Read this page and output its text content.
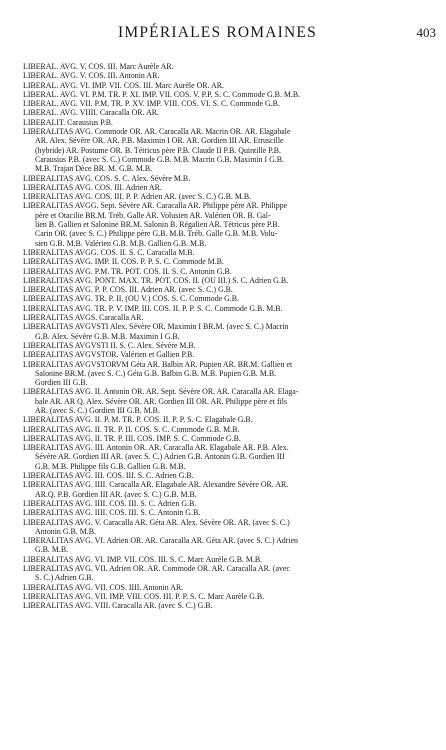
IMPÉRIALES ROMAINES	403
LIBERAL. AVG. V. COS. III. Marc Aurèle AR.
LIBERAL. AVG. V. COS. III. Antonin AR.
LIBERAL. AVG. VI. IMP. VII. COS. III. Marc Aurèle OR. AR.
LIBERAL. AVG. VI. P.M. TR. P. XI. IMP. VII. COS. V. P.P. S. C. Commode G.B. M.B.
LIBERAL. AVG. VII. P.M. TR. P. XV. IMP. VIII. COS. VI. S. C. Commode G.B.
LIBERAL. AVG. VIIII. Caracalla OR. AR.
LIBERALIT. Carausius P.B.
LIBERALITAS AVG. Commode OR. AR. Caracalla AR. Macrin OR. AR. Elagabale
AR. Alex. Sévère OR. AR. P.B. Maximin I OR. AR. Gordien III AR. Etruscille
(hybride) AR. Postume OR. B. Tétricus père P.B. Claude II P.B. Quintille P.B.
Carausius P.B. (avec S. C.) Commode G.B. M.B. Macrin G.B. Maximin I G.B.
M.B. Trajan Dèce BR. M. G.B. M.B.
LIBERALITAS AVG. COS. S. C. Alex. Sévère M.B.
LIBERALITAS AVG. COS. III. Adrien AR.
LIBERALITAS AVG. COS. III. P. P. Adrien AR. (avec S. C.) G.B. M.B.
LIBERALITAS AVGG. Sept. Sévère AR. Caracalla AR. Philippe père AR. Philippe
père et Otacilie BR.M. Tréb. Galle AR. Volusien AR. Valérien OR. B. Gal-
lien B. Gallien et Salonine BR.M. Salonin B. Régalien AR. Tétricus père P.B.
Carin OR. (avec S. C.) Philippe père G.B. M.B. Tréb. Galle G.B. M.B. Volu-
sien G.B. M.B. Valérien G.B. M.B. Gallien G.B. M.B.
LIBERALITAS AVGG. COS. II. S. C. Caracalla M.B.
LIBERALITAS AVG. IMP. II. COS. P. P. S. C. Commode M.B.
LIBERALITAS AVG. P.M. TR. POT. COS. II. S. C. Antonin G.B.
LIBERALITAS AVG. PONT. MAX. TR. POT. COS. II. (OU III.) S. C. Adrien G.B.
LIBERALITAS AVG. P. P. COS. III. Adrien AR. (avec S. C.) G.B.
LIBERALITAS AVG. TR. P. II. (OU V.) COS. S. C. Commode G.B.
LIBERALITAS AVG. TR. P. V. IMP. III. COS. II. P. P. S. C. Commode G.B. M.B.
LIBERALITAS AVGS. Caracalla AR.
LIBERALITAS AVGVSTI Alex. Sévère OR. Maximin I BR.M. (avec S. C.) Macrin
G.B. Alex. Sévère G.B. M.B. Maximin I G.B.
LIBERALITAS AVGVSTI II. S. C. Alex. Sévère M.B.
LIBERALITAS AVGVSTOR. Valérien et Gallien P.B.
LIBERALITAS AVGVSTORVM Géta AR. Balbin AR. Pupien AR. BR.M. Gallien et
Salonine BR.M. (avec S. C.) Géta G.B. Balbin G.B. M.B. Pupien G.B. M.B.
Gordien III G.B.
LIBERALITAS AVG. II. Antonin OR. AR. Sept. Sévère OR. AR. Caracalla AR. Elaga-
bale AR. AR Q. Alex. Sévère OR. AR. Gordien III OR. AR. Philippe père et fils
AR. (avec S. C.) Gordien III G.B. M.B.
LIBERALITAS AVG. II. P. M. TR. P. COS. II. P. P. S. C. Elagabale G.B.
LIBERALITAS AVG. II. TR. P. II. COS. S. C. Commode G.B. M.B.
LIBERALITAS AVG. II. TR. P. III. COS. IMP. S. C. Commode G.B.
LIBERALITAS AVG. III. Antonin OR. AR. Caracalla AR. Elagabale AR. P.B. Alex.
Sévère AR. Gordien III AR. (avec S. C.) Adrien G.B. Antonin G.B. Gordien III
G.B. M.B. Philippe fils G.B. Gallien G.B. M.B.
LIBERALITAS AVG. III. COS. III. S. C. Adrien G.B.
LIBERALITAS AVG. IIII. Caracalla AR. Elagabale AR. Alexandre Sévère OR. AR.
AR.Q. P.B. Gordien III AR. (avec S. C.) G.B. M.B.
LIBERALITAS AVG. IIII. COS. III. S. C. Adrien G.B.
LIBERALITAS AVG. IIII. COS. III. S. C. Antonin G.B.
LIBERALITAS AVG. V. Caracalla AR. Géta AR. Alex. Sévère OR. AR. (avec S. C.)
Antonin G.B. M.B.
LIBERALITAS AVG. VI. Adrien OR. AR. Caracalla AR. Géta AR. (avec S. C.) Adrien
G.B. M.B.
LIBERALITAS AVG. VI. IMP. VII. COS. III. S. C. Marc Aurèle G.B. M.B.
LIBERALITAS AVG. VII. Adrien OR. AR. Commode OR. AR. Caracalla AR. (avec
S. C.) Adrien G.B.
LIBERALITAS AVG. VII. COS. IIII. Antonin AR.
LIBERALITAS AVG. VII. IMP. VIII. COS. III. P. P. S. C. Marc Aurèle G.B.
LIBERALITAS AVG. VIII. Caracalla AR. (avec S. C.) G.B.
